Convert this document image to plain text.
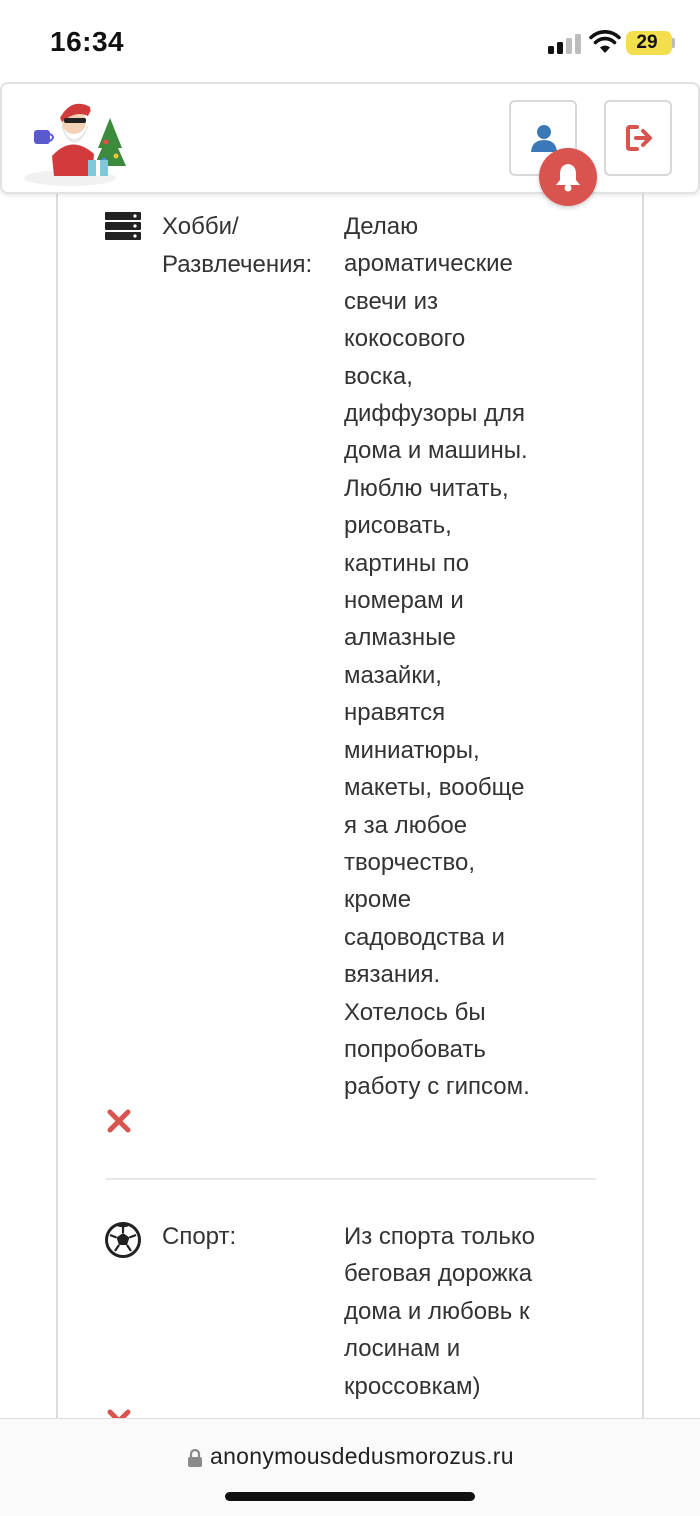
16:34	29
Хобби/
Развлечения:
Делаю
ароматические
свечи из
кокосового
воска,
диффузоры для
дома и машины.
Люблю читать,
рисовать,
картины по
номерам и
алмазные
мазайки,
нравятся
миниатюры,
макеты, вообще
я за любое
творчество,
кроме
садоводства и
вязания.
Хотелось бы
попробовать
работу с гипсом.
Спорт:	Из спорта только
беговая дорожка
дома и любовь к
лосинам и
кроссовкам)
anonymousdedusmorozus.ru
